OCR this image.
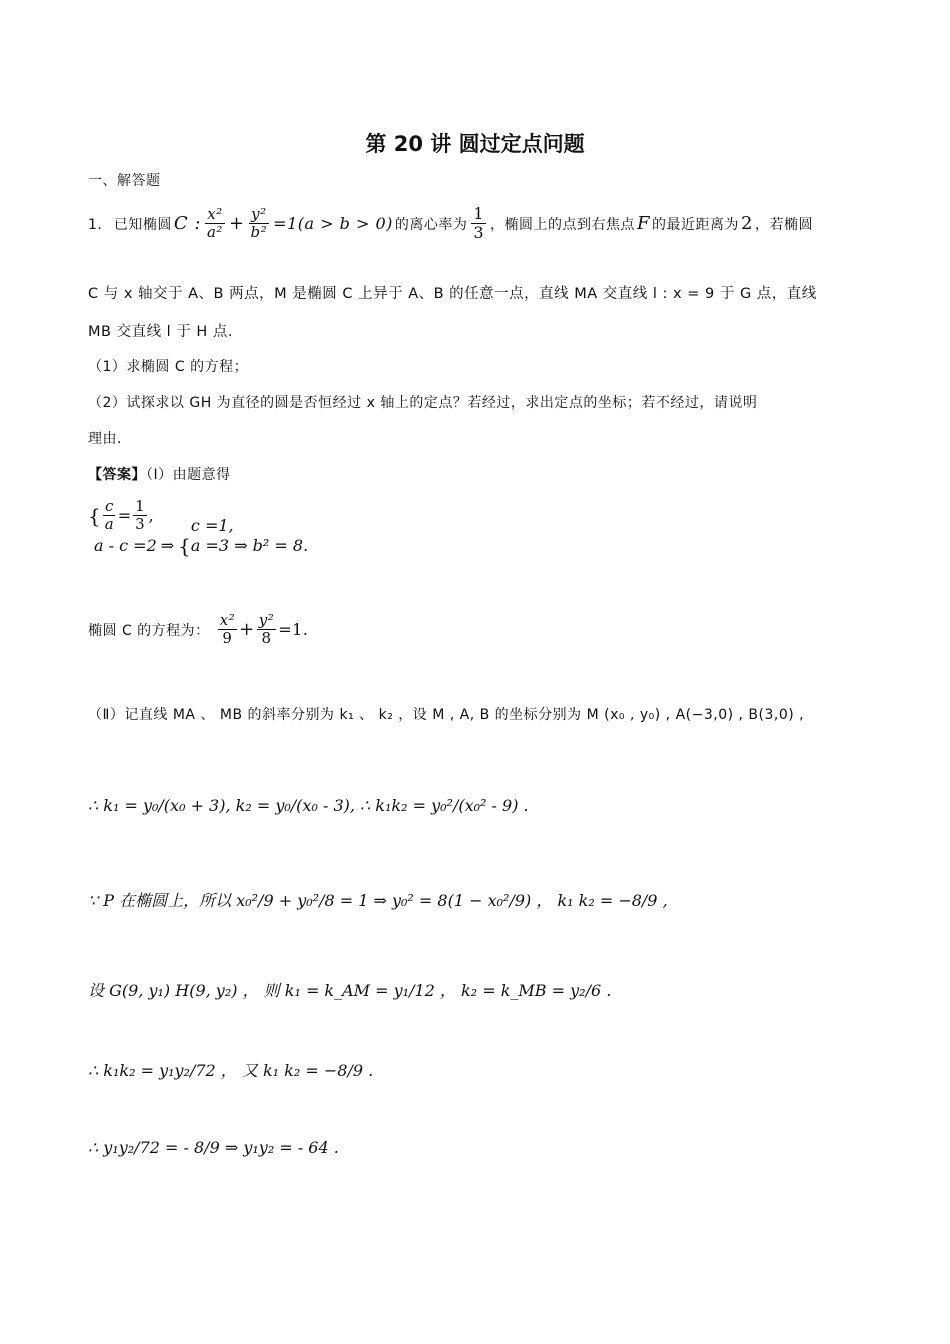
第 20 讲 圆过定点问题
一、解答题
1． 已知椭圆 C : $\frac{\text{x²}}{\text{a²}} + \frac{\text{y²}}{\text{b²}} =1(a > b > 0)$ 的离心率为 $\frac{1}{3}$ ，椭圆上的点到右焦点 F 的最近距离为 2 ，若椭圆
C 与 x 轴交于 A、B 两点，M 是椭圆 C 上异于 A、B 的任意一点，直线 MA 交直线 l : x = 9 于 G 点，直线
MB 交直线 l 于 H 点．
（1）求椭圆 C 的方程；
（2）试探求以 GH 为直径的圆是否恒经过 x 轴上的定点？若经过，求出定点的坐标；若不经过，请说明
理由．
【答案】（Ⅰ）由题意得
{ $\frac{c}{a} = \frac{1}{3}$ ,
a - c =2 ⇒ {
c =1,
a =3 ⇒ b² = 8 .
椭圆 C 的方程为： $\frac{\text{x²}}{9} + \frac{\text{y²}}{8} =1$.
（Ⅱ）记直线 MA 、 MB 的斜率分别为 k₁ 、 k₂ ，设 M , A, B 的坐标分别为 M (x₀ , y₀) , A(−3,0) , B(3,0) ,
∴ k₁ = y₀/(x₀ + 3), k₂ = y₀/(x₀ - 3), ∴ k₁k₂ = y₀²/(x₀² - 9) .
∵ P 在椭圆上，所以 x₀²/9 + y₀²/8 = 1 ⇒ y₀² = 8(1 − x₀²/9) ， k₁ k₂ = −8/9 ,
设 G(9, y₁) H(9, y₂) ， 则 k₁ = k_AM = y₁/12 ， k₂ = k_MB = y₂/6 .
∴ k₁k₂ = y₁y₂/72 ， 又 k₁ k₂ = −8/9 .
∴ y₁y₂/72 = - 8/9 ⇒ y₁y₂ = - 64 .
